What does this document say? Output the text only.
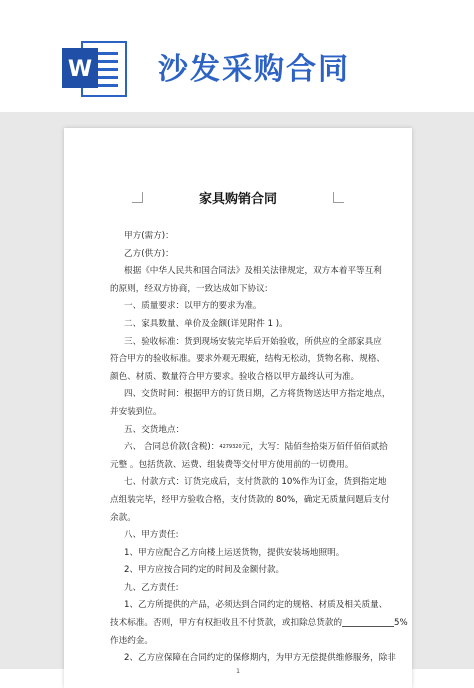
W 沙发采购合同
家具购销合同
甲方(需方)：
乙方(供方)：
根据《中华人民共和国合同法》及相关法律规定，双方本着平等互利
的原则，经双方协商，一致达成如下协议:
一、质量要求：以甲方的要求为准。
二、家具数量、单价及金额(详见附件 1 )。
三、验收标准：货到现场安装完毕后开始验收，所供应的全部家具应
符合甲方的验收标准。要求外观无瑕疵，结构无松动，货物名称、规格、
颜色、材质、数量符合甲方要求。验收合格以甲方最终认可为准。
四、交货时间：根据甲方的订货日期，乙方将货物送达甲方指定地点，
并安装到位。
五、交货地点：
六、 合同总价款(含税)：4279320元，大写：陆佰叁拾柒万佰仟佰佰贰拾
元整 。包括货款、运费、组装费等交付甲方使用前的一切费用。
七、付款方式：订货完成后，支付货款的 10%作为订金，货到指定地
点组装完毕，经甲方验收合格，支付货款的 80%，确定无质量问题后支付
余款。
八、甲方责任:
1、甲方应配合乙方向楼上运送货物，提供安装场地照明。
2、甲方应按合同约定的时间及金额付款。
九、乙方责任:
1、乙方所提供的产品，必须达到合同约定的规格、材质及相关质量、
技术标准。否则，甲方有权拒收且不付货款，或扣除总货款的	5%
作违约金。
2、乙方应保障在合同约定的保修期内，为甲方无偿提供维修服务，除非
1
